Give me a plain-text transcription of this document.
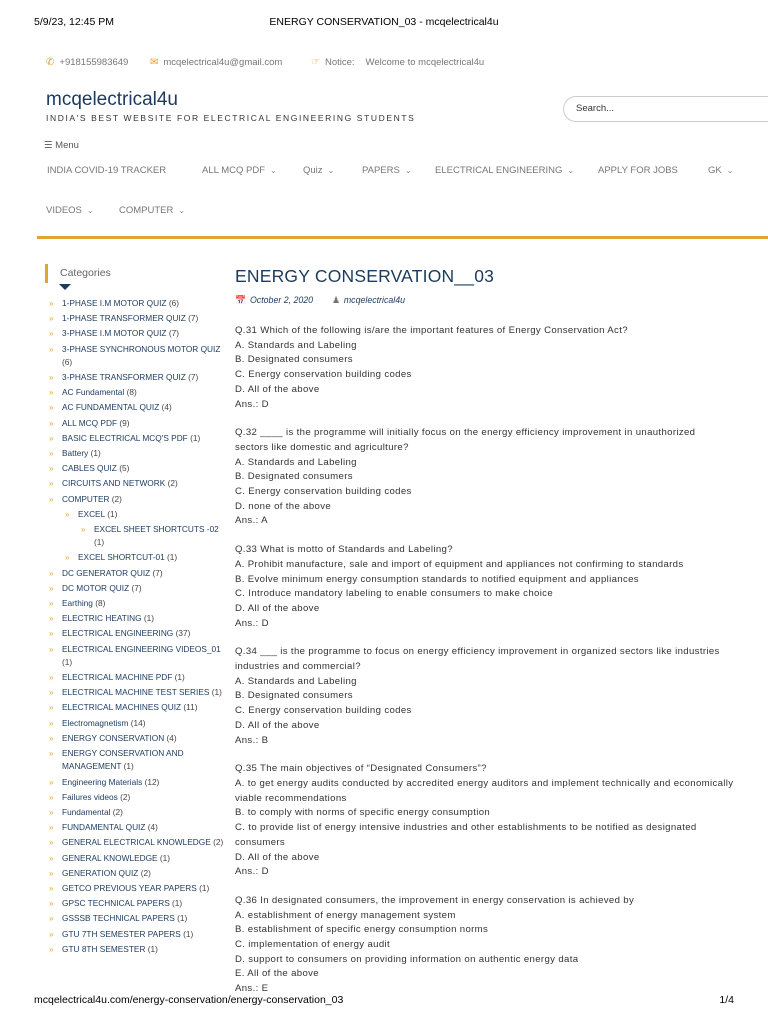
5/9/23, 12:45 PM	ENERGY CONSERVATION_03 - mcqelectrical4u
✆ +918155983649 ✉ mcqelectrical4u@gmail.com	☞ Notice: Welcome to mcqelectrical4u
mcqelectrical4u
INDIA'S BEST WEBSITE FOR ELECTRICAL ENGINEERING STUDENTS
Search...
☰ Menu
INDIA COVID-19 TRACKER	ALL MCQ PDF ⌄	Quiz ⌄	PAPERS ⌄ ELECTRICAL ENGINEERING ⌄	APPLY FOR JOBS	GK ⌄
VIDEOS ⌄	COMPUTER ⌄
Categories
» 1-PHASE I.M MOTOR QUIZ (6)
» 1-PHASE TRANSFORMER QUIZ (7)
» 3-PHASE I.M MOTOR QUIZ (7)
» 3-PHASE SYNCHRONOUS MOTOR QUIZ (6)
» 3-PHASE TRANSFORMER QUIZ (7)
» AC Fundamental (8)
» AC FUNDAMENTAL QUIZ (4)
» ALL MCQ PDF (9)
» BASIC ELECTRICAL MCQ'S PDF (1)
» Battery (1)
» CABLES QUIZ (5)
» CIRCUITS AND NETWORK (2)
» COMPUTER (2)
» EXCEL (1)
» EXCEL SHEET SHORTCUTS -02 (1)
» EXCEL SHORTCUT-01 (1)
» DC GENERATOR QUIZ (7)
» DC MOTOR QUIZ (7)
» Earthing (8)
» ELECTRIC HEATING (1)
» ELECTRICAL ENGINEERING (37)
» ELECTRICAL ENGINEERING VIDEOS_01 (1)
» ELECTRICAL MACHINE PDF (1)
» ELECTRICAL MACHINE TEST SERIES (1)
» ELECTRICAL MACHINES QUIZ (11)
» Electromagnetism (14)
» ENERGY CONSERVATION (4)
» ENERGY CONSERVATION AND MANAGEMENT (1)
» Engineering Materials (12)
» Failures videos (2)
» Fundamental (2)
» FUNDAMENTAL QUIZ (4)
» GENERAL ELECTRICAL KNOWLEDGE (2)
» GENERAL KNOWLEDGE (1)
» GENERATION QUIZ (2)
» GETCO PREVIOUS YEAR PAPERS (1)
» GPSC TECHNICAL PAPERS (1)
» GSSSB TECHNICAL PAPERS (1)
» GTU 7TH SEMESTER PAPERS (1)
» GTU 8TH SEMESTER (1)
ENERGY CONSERVATION__03
📅 October 2, 2020 ♟ mcqelectrical4u
Q.31 Which of the following is/are the important features of Energy Conservation Act?
A. Standards and Labeling
B. Designated consumers
C. Energy conservation building codes
D. All of the above
Ans.: D
Q.32 ____ is the programme will initially focus on the energy efficiency improvement in unauthorized
sectors like domestic and agriculture?
A. Standards and Labeling
B. Designated consumers
C. Energy conservation building codes
D. none of the above
Ans.: A
Q.33 What is motto of Standards and Labeling?
A. Prohibit manufacture, sale and import of equipment and appliances not confirming to standards
B. Evolve minimum energy consumption standards to notified equipment and appliances
C. Introduce mandatory labeling to enable consumers to make choice
D. All of the above
Ans.: D
Q.34 ___ is the programme to focus on energy efficiency improvement in organized sectors like industries
industries and commercial?
A. Standards and Labeling
B. Designated consumers
C. Energy conservation building codes
D. All of the above
Ans.: B
Q.35 The main objectives of “Designated Consumers”?
A. to get energy audits conducted by accredited energy auditors and implement technically and economically
viable recommendations
B. to comply with norms of specific energy consumption
C. to provide list of energy intensive industries and other establishments to be notified as designated
consumers
D. All of the above
Ans.: D
Q.36 In designated consumers, the improvement in energy conservation is achieved by
A. establishment of energy management system
B. establishment of specific energy consumption norms
C. implementation of energy audit
D. support to consumers on providing information on authentic energy data
E. All of the above
Ans.: E
mcqelectrical4u.com/energy-conservation/energy-conservation_03	1/4
